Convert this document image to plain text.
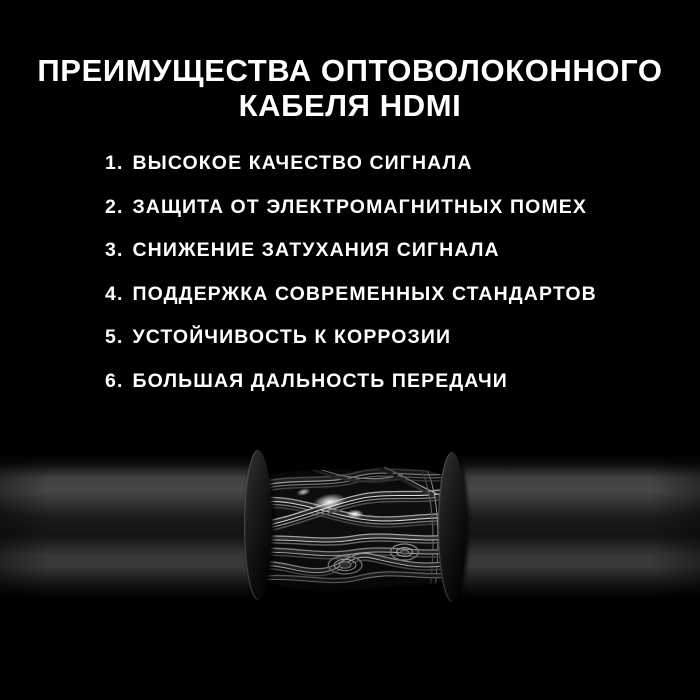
ПРЕИМУЩЕСТВА ОПТОВОЛОКОННОГО
КАБЕЛЯ HDMI
1. ВЫСОКОЕ КАЧЕСТВО СИГНАЛА
2. ЗАЩИТА ОТ ЭЛЕКТРОМАГНИТНЫХ ПОМЕХ
3. СНИЖЕНИЕ ЗАТУХАНИЯ СИГНАЛА
4. ПОДДЕРЖКА СОВРЕМЕННЫХ СТАНДАРТОВ
5. УСТОЙЧИВОСТЬ К КОРРОЗИИ
6. БОЛЬШАЯ ДАЛЬНОСТЬ ПЕРЕДАЧИ
